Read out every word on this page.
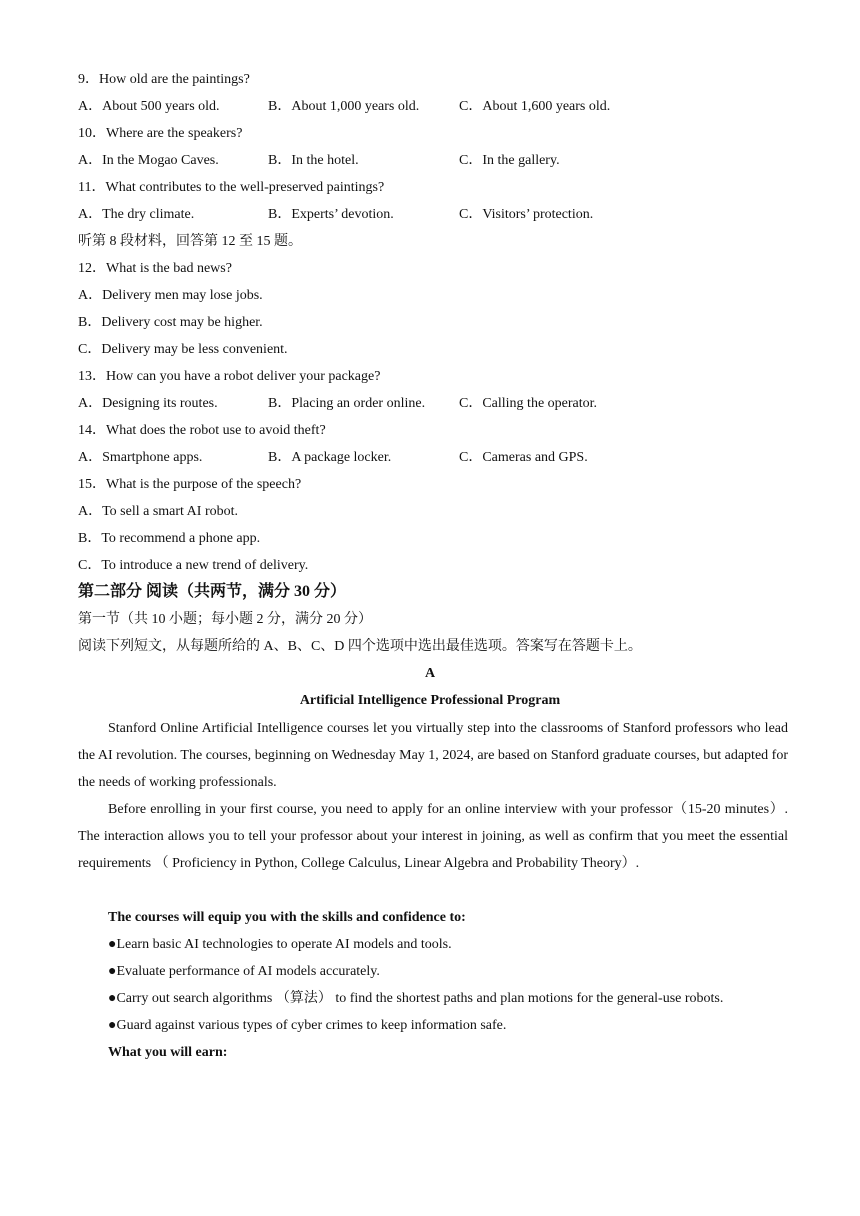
9．How old are the paintings?
A．About 500 years old.	B．About 1,000 years old.	C．About 1,600 years old.
10．Where are the speakers?
A．In the Mogao Caves.	B．In the hotel.	C．In the gallery.
11．What contributes to the well-preserved paintings?
A．The dry climate.	B．Experts’ devotion.	C．Visitors’ protection.
听第 8 段材料，回答第 12 至 15 题。
12．What is the bad news?
A．Delivery men may lose jobs.
B．Delivery cost may be higher.
C．Delivery may be less convenient.
13．How can you have a robot deliver your package?
A．Designing its routes.	B．Placing an order online. C．Calling the operator.
14．What does the robot use to avoid theft?
A．Smartphone apps.	B．A package locker.	C．Cameras and GPS.
15．What is the purpose of the speech?
A．To sell a smart AI robot.
B．To recommend a phone app.
C．To introduce a new trend of delivery.
第二部分 阅读（共两节，满分 30 分）
第一节（共 10 小题；每小题 2 分，满分 20 分）
阅读下列短文，从每题所给的 A、B、C、D 四个选项中选出最佳选项。答案写在答题卡上。
A
Artificial Intelligence Professional Program
Stanford Online Artificial Intelligence courses let you virtually step into the classrooms of Stanford professors who lead the AI revolution. The courses, beginning on Wednesday May 1, 2024, are based on Stanford graduate courses, but adapted for the needs of working professionals.
Before enrolling in your first course, you need to apply for an online interview with your professor（15-20 minutes）. The interaction allows you to tell your professor about your interest in joining, as well as confirm that you meet the essential requirements （ Proficiency in Python, College Calculus, Linear Algebra and Probability Theory）.
The courses will equip you with the skills and confidence to:
●Learn basic AI technologies to operate AI models and tools.
●Evaluate performance of AI models accurately.
●Carry out search algorithms （算法） to find the shortest paths and plan motions for the general-use robots.
●Guard against various types of cyber crimes to keep information safe.
What you will earn:
